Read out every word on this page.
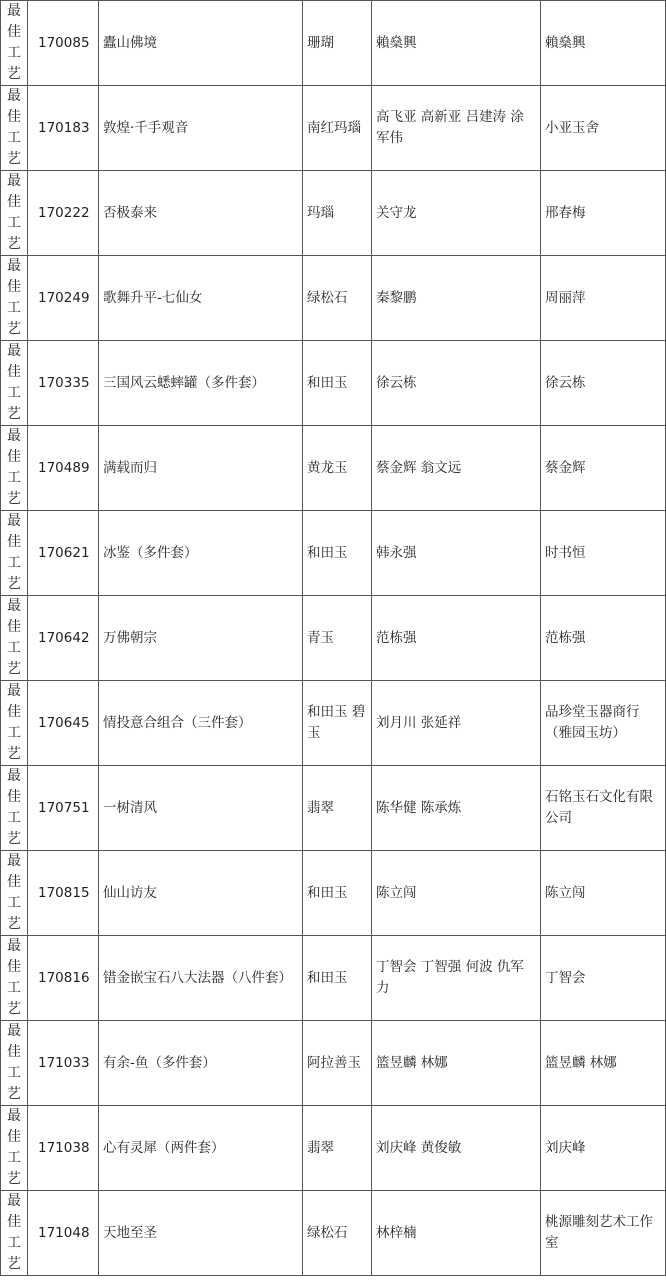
最佳工艺	170085	蠹山佛境	珊瑚	賴燊興	賴燊興

最佳工艺	170183	敦煌·千手观音	南红玛瑙	高飞亚 高新亚 吕建涛 涂军伟	小亚玉舍

最佳工艺	170222	否极泰来	玛瑙	关守龙	邢春梅

最佳工艺	170249	歌舞升平-七仙女	绿松石	秦黎鹏	周丽萍

最佳工艺	170335	三国风云蟋蟀罐（多件套）	和田玉	徐云栋	徐云栋

最佳工艺	170489	满载而归	黄龙玉	蔡金辉 翁文远	蔡金辉

最佳工艺	170621	冰鉴（多件套）	和田玉	韩永强	时书恒

最佳工艺	170642	万佛朝宗	青玉	范栋强	范栋强

最佳工艺	170645	情投意合组合（三件套）	和田玉 碧玉	刘月川 张延祥	品珍堂玉器商行（雅园玉坊）

最佳工艺	170751	一树清风	翡翠	陈华健 陈承炼	石铭玉石文化有限公司

最佳工艺	170815	仙山访友	和田玉	陈立闯	陈立闯

最佳工艺	170816	错金嵌宝石八大法器（八件套）	和田玉	丁智会 丁智强 何波 仇军力	丁智会

最佳工艺	171033	有余-鱼（多件套）	阿拉善玉	篮昱麟 林娜	篮昱麟 林娜

最佳工艺	171038	心有灵犀（两件套）	翡翠	刘庆峰 黄俊敏	刘庆峰

最佳工艺	171048	天地至圣	绿松石	林梓楠	桃源雕刻艺术工作室
